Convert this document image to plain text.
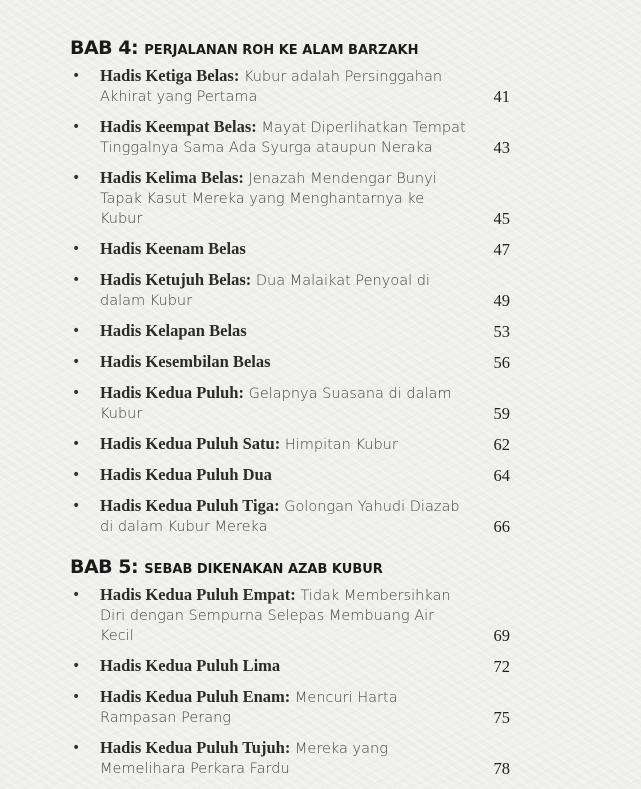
BAB 4: PERJALANAN ROH KE ALAM BARZAKH
•	Hadis Ketiga Belas: Kubur adalah Persinggahan Akhirat yang Pertama	41
•	Hadis Keempat Belas: Mayat Diperlihatkan Tempat Tinggalnya Sama Ada Syurga ataupun Neraka	43
•	Hadis Kelima Belas: Jenazah Mendengar Bunyi Tapak Kasut Mereka yang Menghantarnya ke Kubur	45
•	Hadis Keenam Belas	47
•	Hadis Ketujuh Belas: Dua Malaikat Penyoal di dalam Kubur	49
•	Hadis Kelapan Belas	53
•	Hadis Kesembilan Belas	56
•	Hadis Kedua Puluh: Gelapnya Suasana di dalam Kubur	59
•	Hadis Kedua Puluh Satu: Himpitan Kubur	62
•	Hadis Kedua Puluh Dua	64
•	Hadis Kedua Puluh Tiga: Golongan Yahudi Diazab di dalam Kubur Mereka	66
BAB 5: SEBAB DIKENAKAN AZAB KUBUR
•	Hadis Kedua Puluh Empat: Tidak Membersihkan Diri dengan Sempurna Selepas Membuang Air Kecil	69
•	Hadis Kedua Puluh Lima	72
•	Hadis Kedua Puluh Enam: Mencuri Harta Rampasan Perang	75
•	Hadis Kedua Puluh Tujuh: Mereka yang Memelihara Perkara Fardu	78
